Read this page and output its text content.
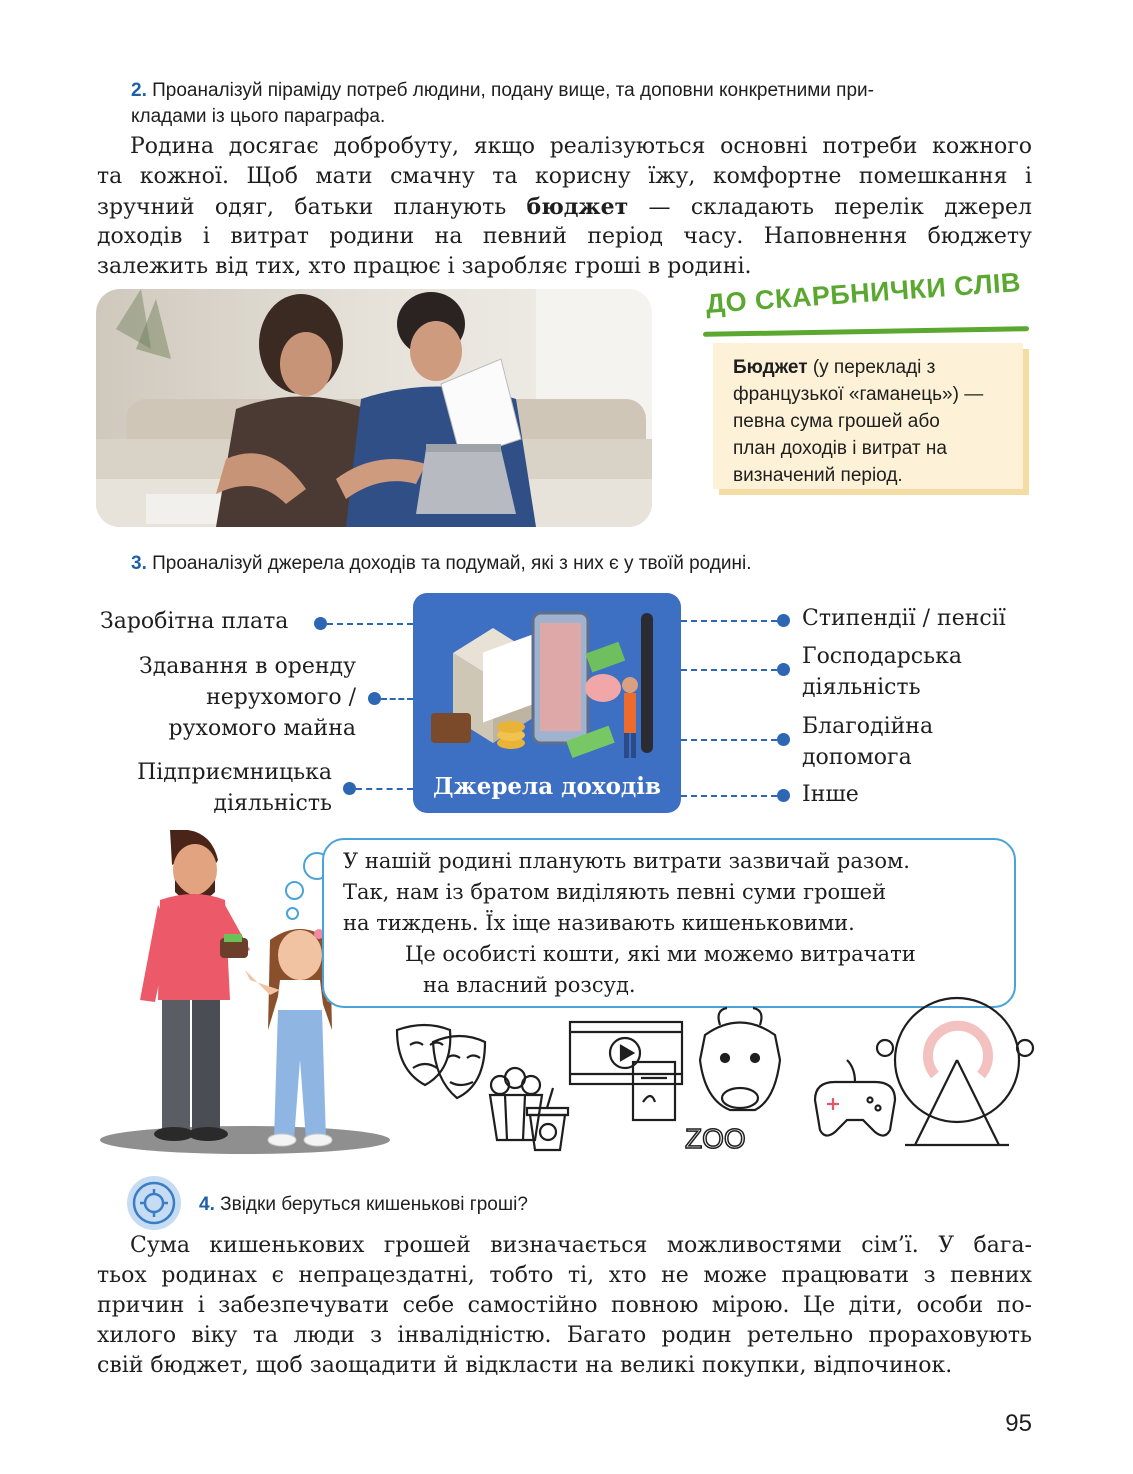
2. Проаналізуй піраміду потреб людини, подану вище, та доповни конкретними при-
кладами із цього параграфа.
Родина досягає добробуту, якщо реалізуються основні потреби кожного
та кожної. Щоб мати смачну та корисну їжу, комфортне помешкання і
зручний одяг, батьки планують бюджет — складають перелік джерел
доходів і витрат родини на певний період часу. Наповнення бюджету
залежить від тих, хто працює і заробляє гроші в родині.
ДО СКАРБНИЧКИ СЛІВ
Бюджет (у перекладі з
французької «гаманець») —
певна сума грошей або
план доходів і витрат на
визначений період.
3. Проаналізуй джерела доходів та подумай, які з них є у твоїй родині.
Джерела доходів
Заробітна плата
Здавання в оренду
нерухомого /
рухомого майна
Підприємницька
діяльність
Стипендії / пенсії
Господарська
діяльність
Благодійна
допомога
Інше
У нашій родині планують витрати зазвичай разом.
Так, нам із братом виділяють певні суми грошей
на тиждень. Їх іще називають кишеньковими.
Це особисті кошти, які ми можемо витрачати
на власний розсуд.
ZOO
4. Звідки беруться кишенькові гроші?
Сума кишенькових грошей визначається можливостями сім’ї. У бага-
тьох родинах є непрацездатні, тобто ті, хто не може працювати з певних
причин і забезпечувати себе самостійно повною мірою. Це діти, особи по-
хилого віку та люди з інвалідністю. Багато родин ретельно прораховують
свій бюджет, щоб заощадити й відкласти на великі покупки, відпочинок.
95
